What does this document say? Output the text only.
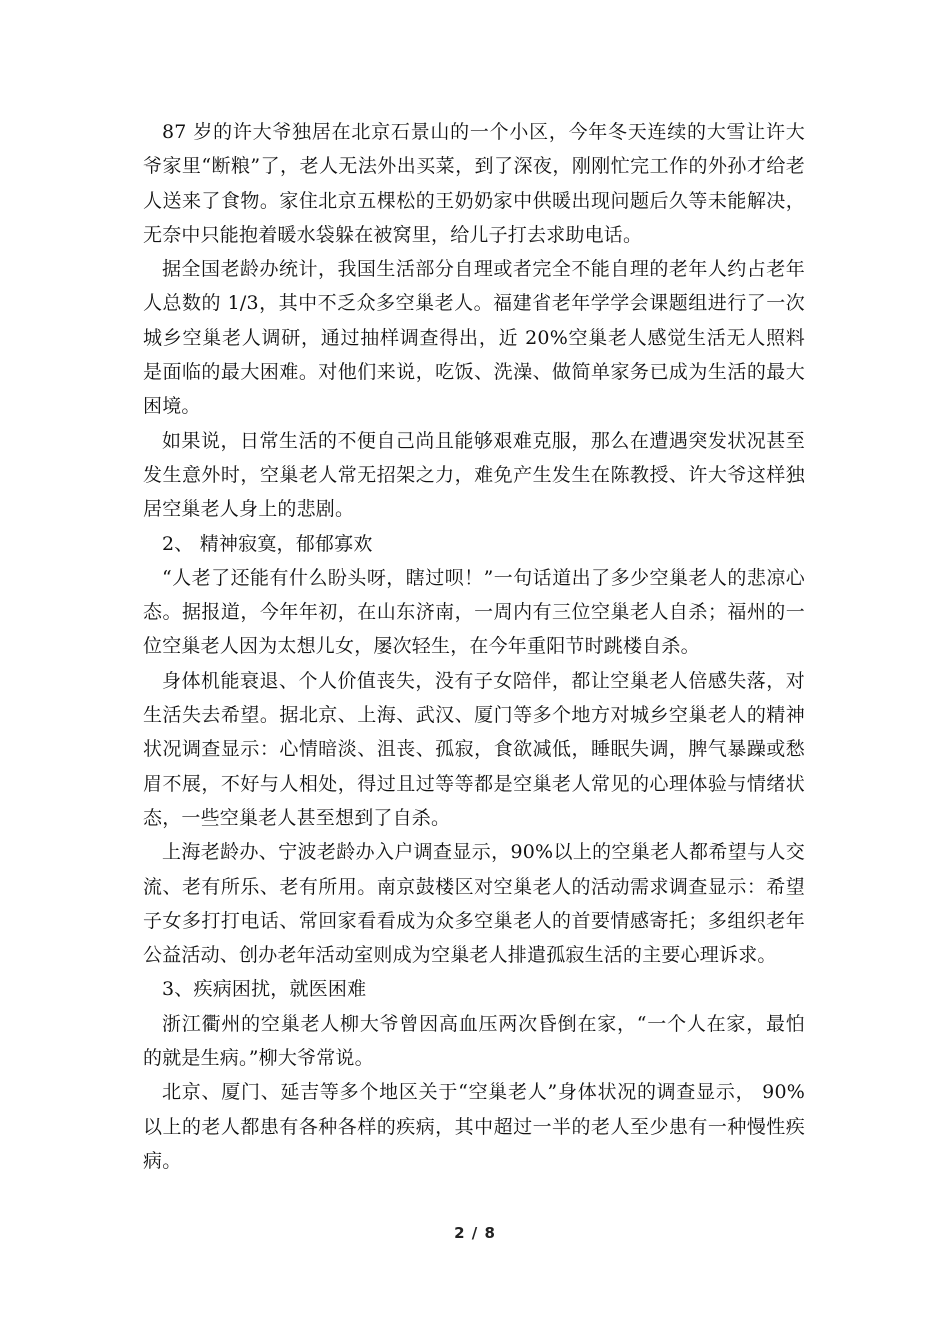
87 岁的许大爷独居在北京石景山的一个小区，今年冬天连续的大雪让许大爷家里“断粮”了，老人无法外出买菜，到了深夜，刚刚忙完工作的外孙才给老人送来了食物。家住北京五棵松的王奶奶家中供暖出现问题后久等未能解决，无奈中只能抱着暖水袋躲在被窝里，给儿子打去求助电话。

据全国老龄办统计，我国生活部分自理或者完全不能自理的老年人约占老年人总数的 1/3，其中不乏众多空巢老人。福建省老年学学会课题组进行了一次城乡空巢老人调研，通过抽样调查得出，近 20%空巢老人感觉生活无人照料是面临的最大困难。对他们来说，吃饭、洗澡、做简单家务已成为生活的最大困境。

如果说，日常生活的不便自己尚且能够艰难克服，那么在遭遇突发状况甚至发生意外时，空巢老人常无招架之力，难免产生发生在陈教授、许大爷这样独居空巢老人身上的悲剧。

2、 精神寂寞，郁郁寡欢

“人老了还能有什么盼头呀，瞎过呗！”一句话道出了多少空巢老人的悲凉心态。据报道，今年年初，在山东济南，一周内有三位空巢老人自杀；福州的一位空巢老人因为太想儿女，屡次轻生，在今年重阳节时跳楼自杀。

身体机能衰退、个人价值丧失，没有子女陪伴，都让空巢老人倍感失落，对生活失去希望。据北京、上海、武汉、厦门等多个地方对城乡空巢老人的精神状况调查显示：心情暗淡、沮丧、孤寂，食欲减低，睡眠失调，脾气暴躁或愁眉不展，不好与人相处，得过且过等等都是空巢老人常见的心理体验与情绪状态，一些空巢老人甚至想到了自杀。

上海老龄办、宁波老龄办入户调查显示，90%以上的空巢老人都希望与人交流、老有所乐、老有所用。南京鼓楼区对空巢老人的活动需求调查显示：希望子女多打打电话、常回家看看成为众多空巢老人的首要情感寄托；多组织老年公益活动、创办老年活动室则成为空巢老人排遣孤寂生活的主要心理诉求。

3、疾病困扰，就医困难

浙江衢州的空巢老人柳大爷曾因高血压两次昏倒在家，“一个人在家，最怕的就是生病。”柳大爷常说。

北京、厦门、延吉等多个地区关于“空巢老人”身体状况的调查显示， 90%以上的老人都患有各种各样的疾病，其中超过一半的老人至少患有一种慢性疾病。

2 / 8
